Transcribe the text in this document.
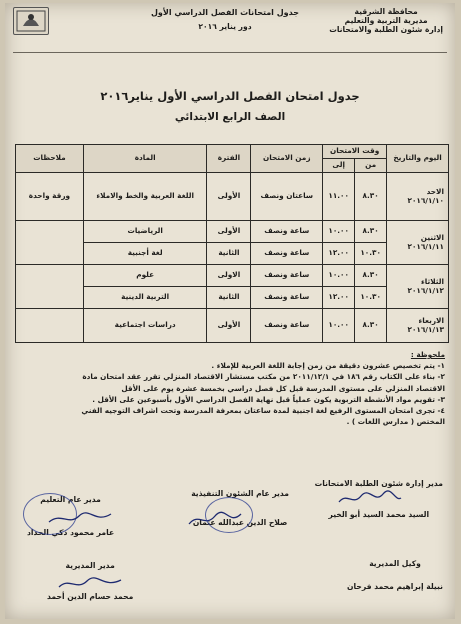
محافظة الشرقية
مديرية التربية والتعليم
إدارة شئون الطلبة والامتحانات
جدول امتحانات الفصل الدراسي الأول
دور يناير ٢٠١٦
جدول امتحان الفصل الدراسي الأول يناير٢٠١٦
الصف الرابع الابتدائي
اليوم والتاريخ	وقت الامتحان		زمن الامتحان	الفترة	المادة	ملاحظات
	من	إلى				

الاحد
٢٠١٦/١/١٠	٨.٣٠	١١.٠٠	ساعتان ونصف	الأولى	اللغة العربية والخط والاملاء	ورقة واحدة

الاثنين
٢٠١٦/١/١١	٨.٣٠	١٠.٠٠	ساعة ونصف	الأولى	الرياضيات	
	١٠.٣٠	١٢.٠٠	ساعة ونصف	الثانية	لغة أجنبية	

الثلاثاء
٢٠١٦/١/١٢	٨.٣٠	١٠.٠٠	ساعة ونصف	الاولى	علوم	
	١٠.٣٠	١٢.٠٠	ساعة ونصف	الثانية	التربية الدينية	

الاربعاء
٢٠١٦/١/١٣	٨.٣٠	١٠.٠٠	ساعة ونصف	الأولى	دراسات اجتماعية	
ملحوظة :
١- يتم تخصيص عشرون دقيقة من زمن إجابة اللغة العربية للإملاء .
٢- بناء على الكتاب رقم ١٨٦ في ٢٠١١/١٢/١ من مكتب مستشار الاقتصاد المنزلي تقرر عقد امتحان مادة
الاقتصاد المنزلي على مستوى المدرسة قبل كل فصل دراسي بخمسة عشرة يوم على الأقل
٣- تقويم مواد الأنشطة التربوية يكون عملياً قبل نهاية الفصل الدراسي الأول بأسبوعين على الأقل .
٤- تجرى امتحان المستوى الرفيع لغة اجنبية لمدة ساعتان بمعرفة المدرسة وتحت اشراف التوجيه الفني
المختص ( مدارس اللغات ) .
مدير إدارة شئون الطلبة الامتحانات
السيد محمد السيد أبو الخير
مدير عام الشئون التنفيذية
صلاح الدين عبدالله عثمان
مدير عام التعليم
عامر محمود ذكي الحداد
وكيل المديرية
نبيلة إبراهيم محمد فرحان
مدير المديرية
محمد حسام الدين أحمد
